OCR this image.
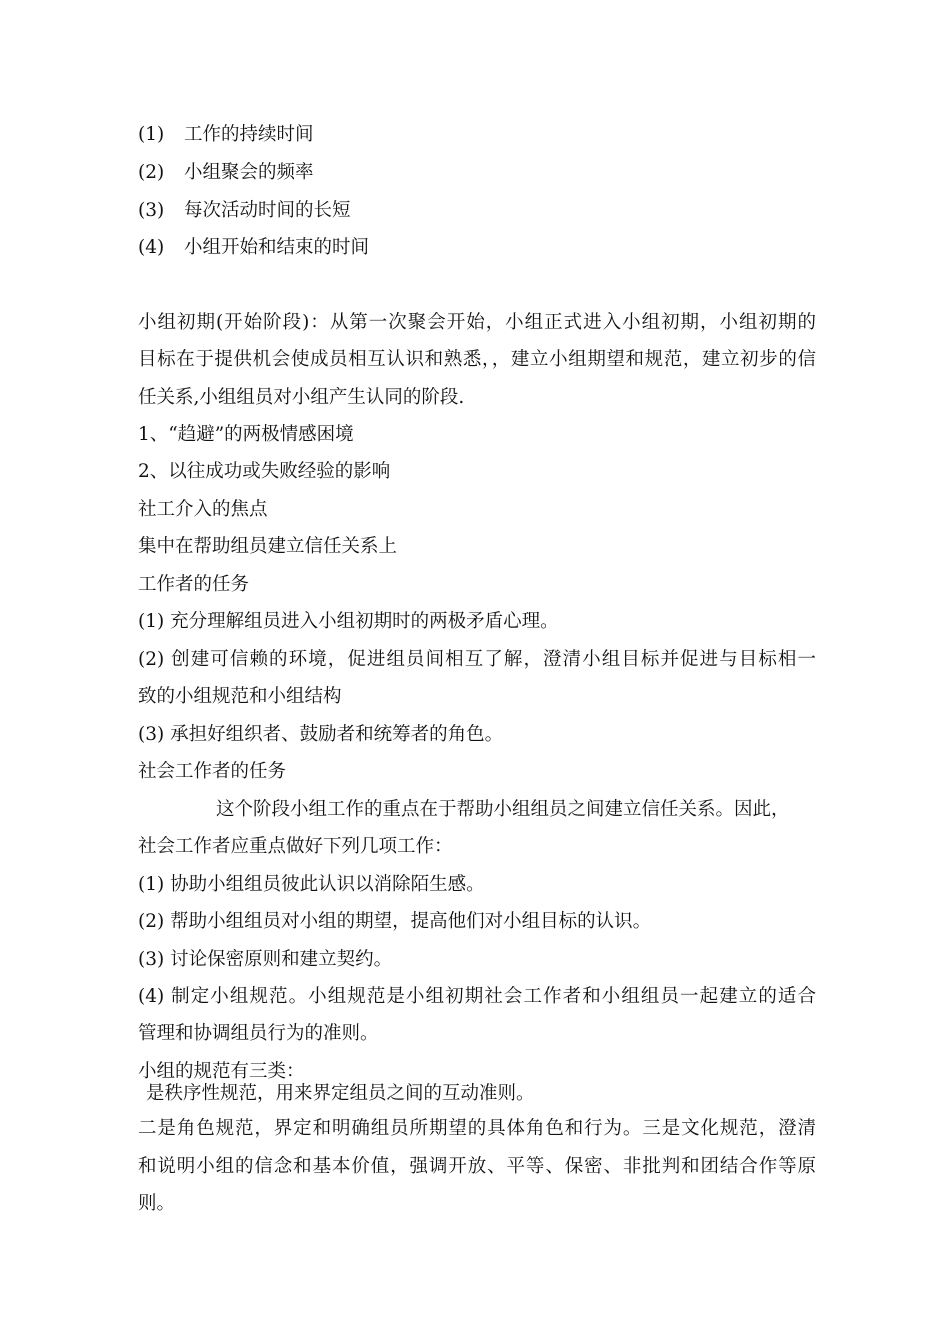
(1) 工作的持续时间
(2) 小组聚会的频率
(3) 每次活动时间的长短
(4) 小组开始和结束的时间
小组初期(开始阶段)：从第一次聚会开始，小组正式进入小组初期，小组初期的
目标在于提供机会使成员相互认识和熟悉，，建立小组期望和规范，建立初步的信
任关系,小组组员对小组产生认同的阶段.
1、“趋避”的两极情感困境
2、以往成功或失败经验的影响
社工介入的焦点
集中在帮助组员建立信任关系上
工作者的任务
(1) 充分理解组员进入小组初期时的两极矛盾心理。
(2) 创建可信赖的环境，促进组员间相互了解，澄清小组目标并促进与目标相一
致的小组规范和小组结构
(3) 承担好组织者、鼓励者和统筹者的角色。
社会工作者的任务
这个阶段小组工作的重点在于帮助小组组员之间建立信任关系。因此，
社会工作者应重点做好下列几项工作：
(1) 协助小组组员彼此认识以消除陌生感。
(2) 帮助小组组员对小组的期望，提高他们对小组目标的认识。
(3) 讨论保密原则和建立契约。
(4) 制定小组规范。小组规范是小组初期社会工作者和小组组员一起建立的适合
管理和协调组员行为的准则。
小组的规范有三类：
是秩序性规范，用来界定组员之间的互动准则。
二是角色规范，界定和明确组员所期望的具体角色和行为。三是文化规范，澄清
和说明小组的信念和基本价值，强调开放、平等、保密、非批判和团结合作等原
则。
